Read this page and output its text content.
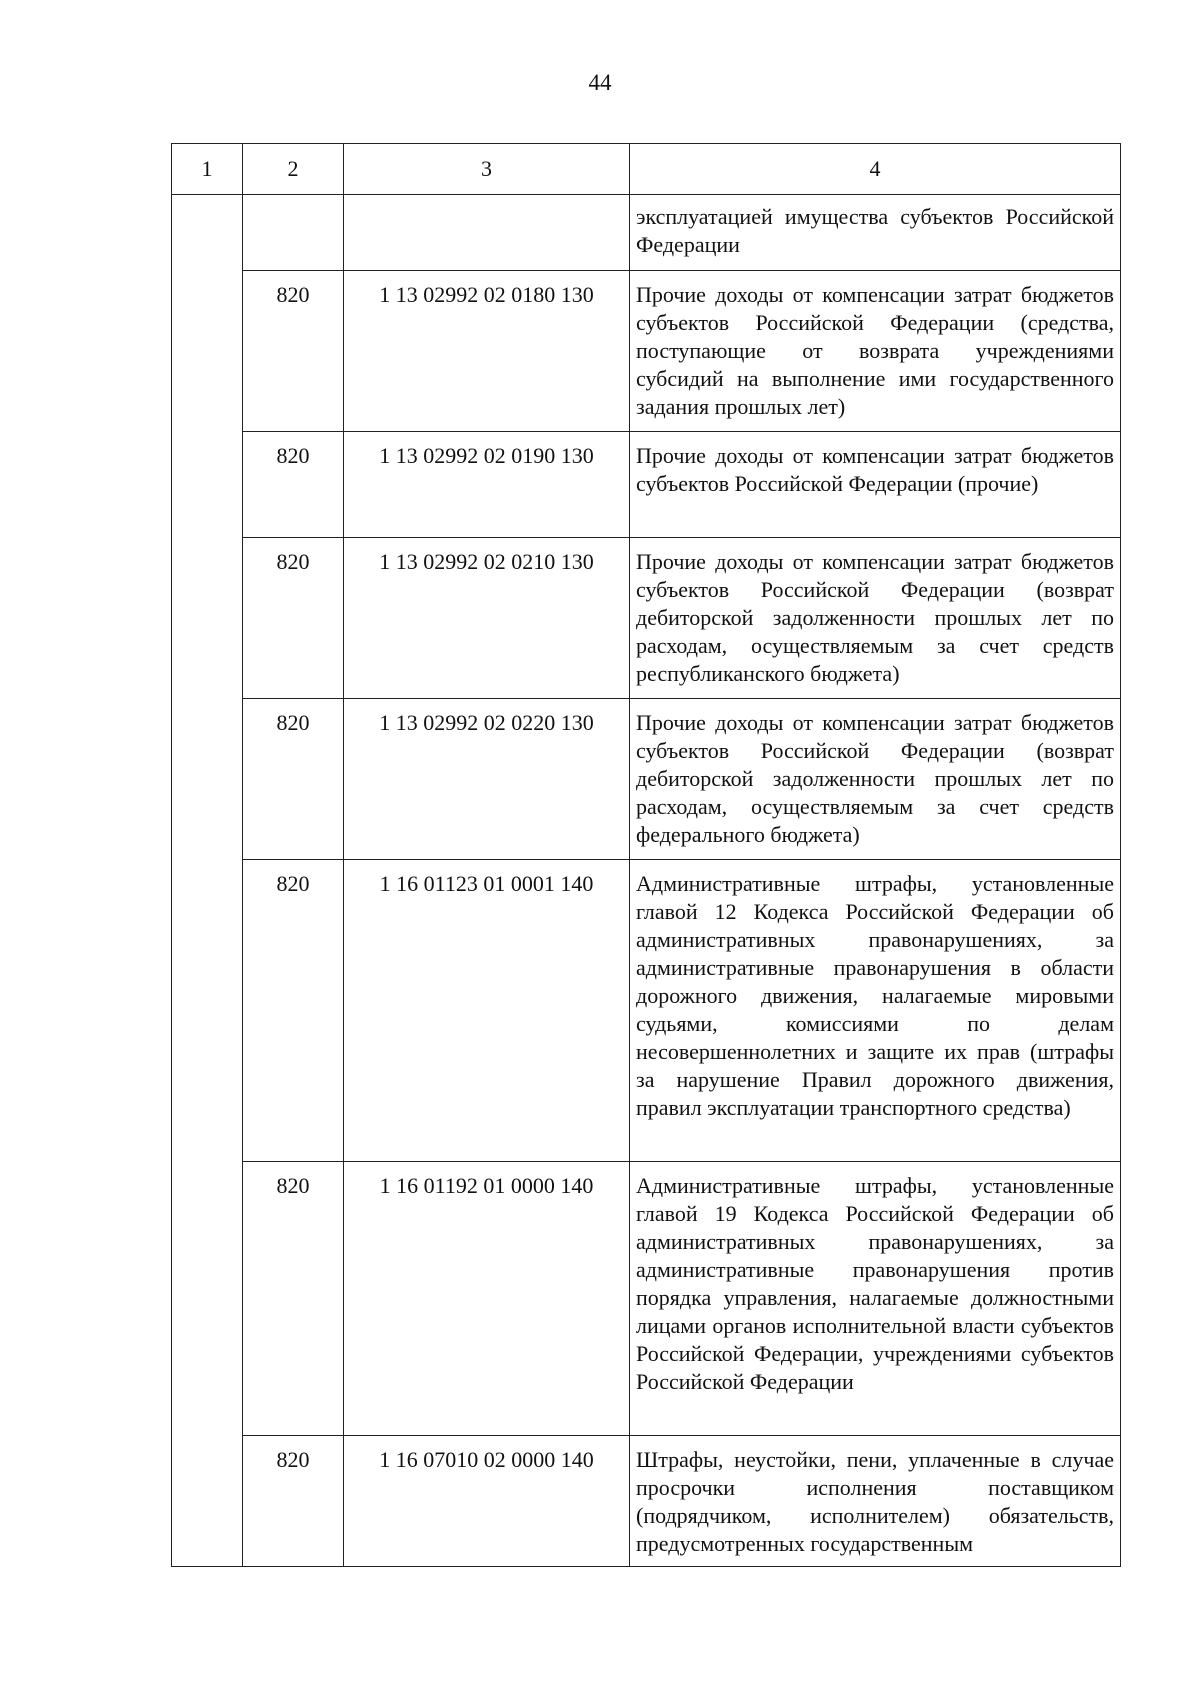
44
1	2	3	4
			эксплуатацией имущества субъектов Российской Федерации
	820	1 13 02992 02 0180 130	Прочие доходы от компенсации затрат бюджетов субъектов Российской Федерации (средства, поступающие от возврата учреждениями субсидий на выполнение ими государственного задания прошлых лет)
	820	1 13 02992 02 0190 130	Прочие доходы от компенсации затрат бюджетов субъектов Российской Федерации (прочие)
	820	1 13 02992 02 0210 130	Прочие доходы от компенсации затрат бюджетов субъектов Российской Федерации (возврат дебиторской задолженности прошлых лет по расходам, осуществляемым за счет средств республиканского бюджета)
	820	1 13 02992 02 0220 130	Прочие доходы от компенсации затрат бюджетов субъектов Российской Федерации (возврат дебиторской задолженности прошлых лет по расходам, осуществляемым за счет средств федерального бюджета)
	820	1 16 01123 01 0001 140	Административные штрафы, установленные главой 12 Кодекса Российской Федерации об административных правонарушениях, за административные правонарушения в области дорожного движения, налагаемые мировыми судьями, комиссиями по делам несовершеннолетних и защите их прав (штрафы за нарушение Правил дорожного движения, правил эксплуатации транспортного средства)
	820	1 16 01192 01 0000 140	Административные штрафы, установленные главой 19 Кодекса Российской Федерации об административных правонарушениях, за административные правонарушения против порядка управления, налагаемые должностными лицами органов исполнительной власти субъектов Российской Федерации, учреждениями субъектов Российской Федерации
	820	1 16 07010 02 0000 140	Штрафы, неустойки, пени, уплаченные в случае просрочки исполнения поставщиком (подрядчиком, исполнителем) обязательств, предусмотренных государственным
